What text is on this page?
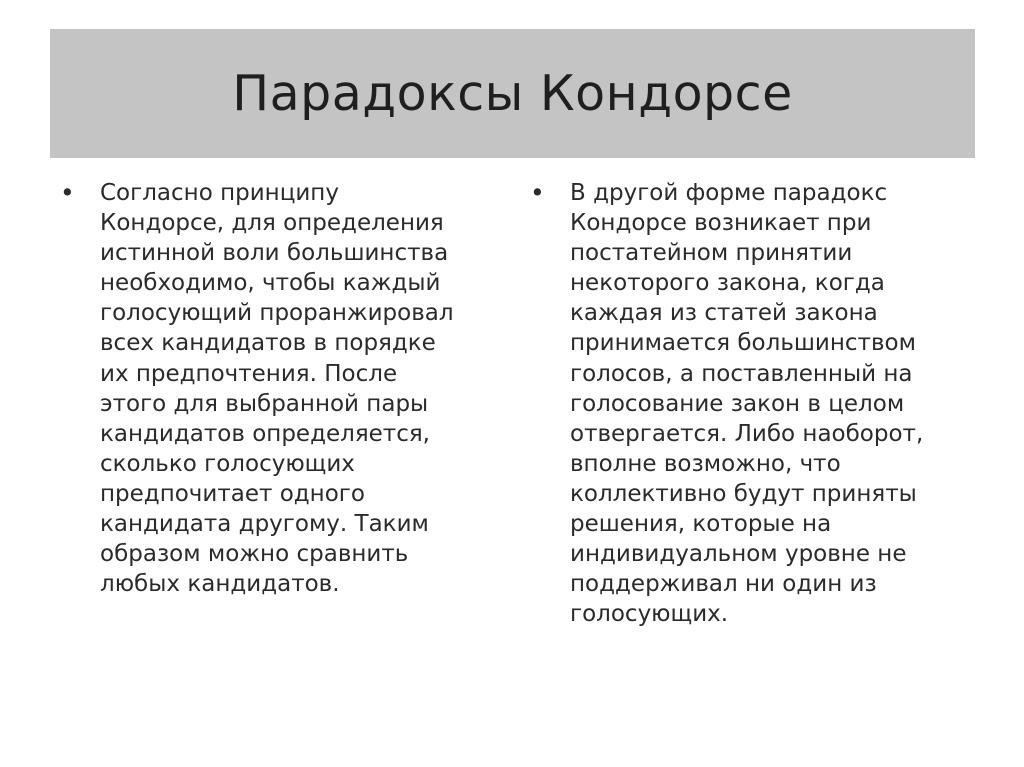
Парадоксы Кондорсе
•	Согласно принципу
Кондорсе, для определения
истинной воли большинства
необходимо, чтобы каждый
голосующий проранжировал
всех кандидатов в порядке
их предпочтения. После
этого для выбранной пары
кандидатов определяется,
сколько голосующих
предпочитает одного
кандидата другому. Таким
образом можно сравнить
любых кандидатов.

•	В другой форме парадокс
Кондорсе возникает при
постатейном принятии
некоторого закона, когда
каждая из статей закона
принимается большинством
голосов, а поставленный на
голосование закон в целом
отвергается. Либо наоборот,
вполне возможно, что
коллективно будут приняты
решения, которые на
индивидуальном уровне не
поддерживал ни один из
голосующих.
